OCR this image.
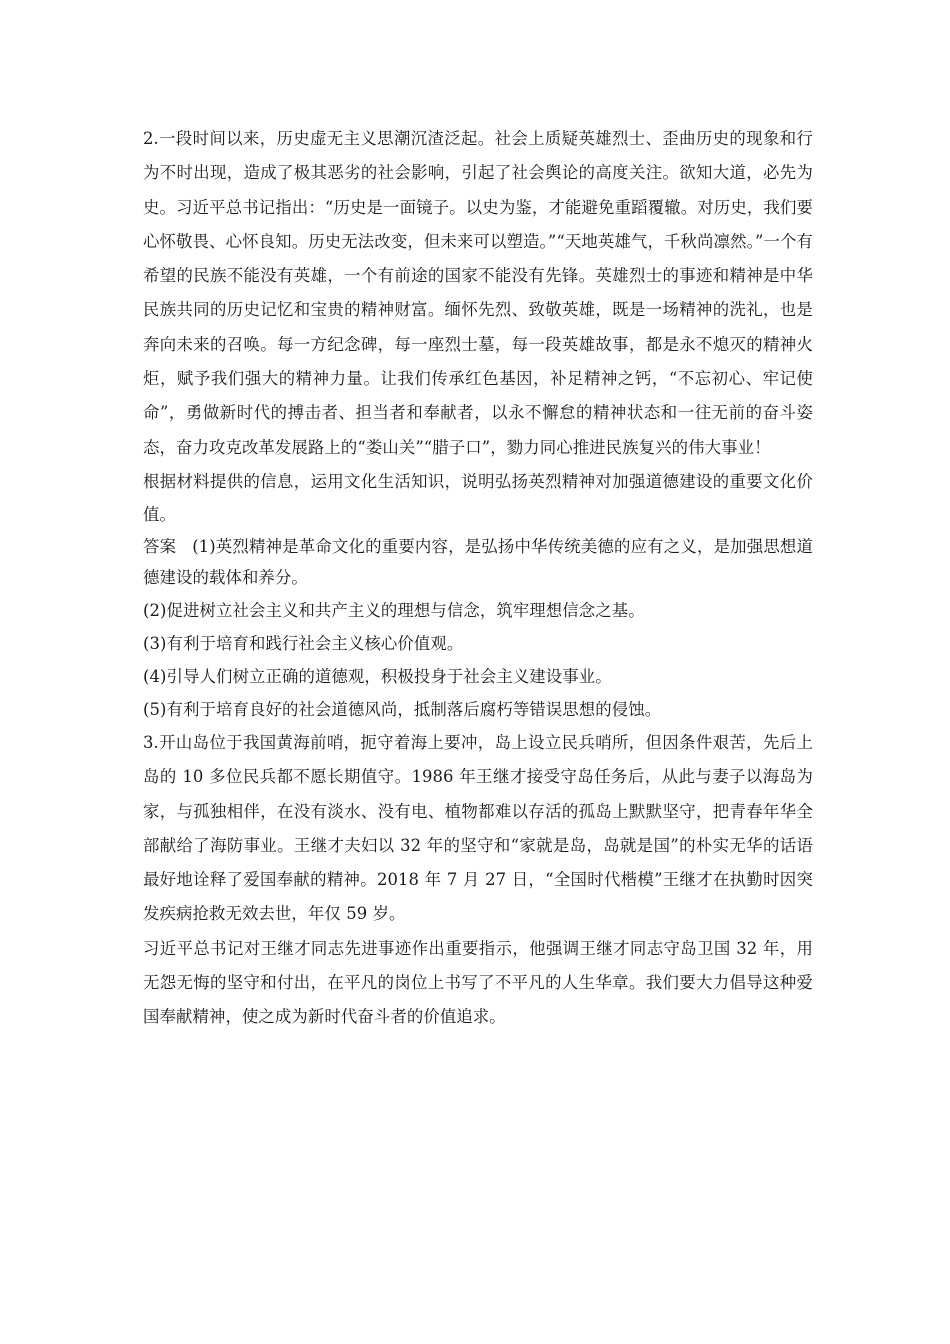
2.一段时间以来，历史虚无主义思潮沉渣泛起。社会上质疑英雄烈士、歪曲历史的现象和行为不时出现，造成了极其恶劣的社会影响，引起了社会舆论的高度关注。欲知大道，必先为史。习近平总书记指出：“历史是一面镜子。以史为鉴，才能避免重蹈覆辙。对历史，我们要心怀敬畏、心怀良知。历史无法改变，但未来可以塑造。”“天地英雄气，千秋尚凛然。”一个有希望的民族不能没有英雄，一个有前途的国家不能没有先锋。英雄烈士的事迹和精神是中华民族共同的历史记忆和宝贵的精神财富。缅怀先烈、致敬英雄，既是一场精神的洗礼，也是奔向未来的召唤。每一方纪念碑，每一座烈士墓，每一段英雄故事，都是永不熄灭的精神火炬，赋予我们强大的精神力量。让我们传承红色基因，补足精神之钙，“不忘初心、牢记使命”，勇做新时代的搏击者、担当者和奉献者，以永不懈怠的精神状态和一往无前的奋斗姿态，奋力攻克改革发展路上的“娄山关”“腊子口”，勠力同心推进民族复兴的伟大事业！

根据材料提供的信息，运用文化生活知识，说明弘扬英烈精神对加强道德建设的重要文化价值。

答案 (1)英烈精神是革命文化的重要内容，是弘扬中华传统美德的应有之义，是加强思想道德建设的载体和养分。

(2)促进树立社会主义和共产主义的理想与信念，筑牢理想信念之基。

(3)有利于培育和践行社会主义核心价值观。

(4)引导人们树立正确的道德观，积极投身于社会主义建设事业。

(5)有利于培育良好的社会道德风尚，抵制落后腐朽等错误思想的侵蚀。

3.开山岛位于我国黄海前哨，扼守着海上要冲，岛上设立民兵哨所，但因条件艰苦，先后上岛的 10 多位民兵都不愿长期值守。1986 年王继才接受守岛任务后，从此与妻子以海岛为家，与孤独相伴，在没有淡水、没有电、植物都难以存活的孤岛上默默坚守，把青春年华全部献给了海防事业。王继才夫妇以 32 年的坚守和“家就是岛，岛就是国”的朴实无华的话语最好地诠释了爱国奉献的精神。2018 年 7 月 27 日，“全国时代楷模”王继才在执勤时因突发疾病抢救无效去世，年仅 59 岁。

习近平总书记对王继才同志先进事迹作出重要指示，他强调王继才同志守岛卫国 32 年，用无怨无悔的坚守和付出，在平凡的岗位上书写了不平凡的人生华章。我们要大力倡导这种爱国奉献精神，使之成为新时代奋斗者的价值追求。
